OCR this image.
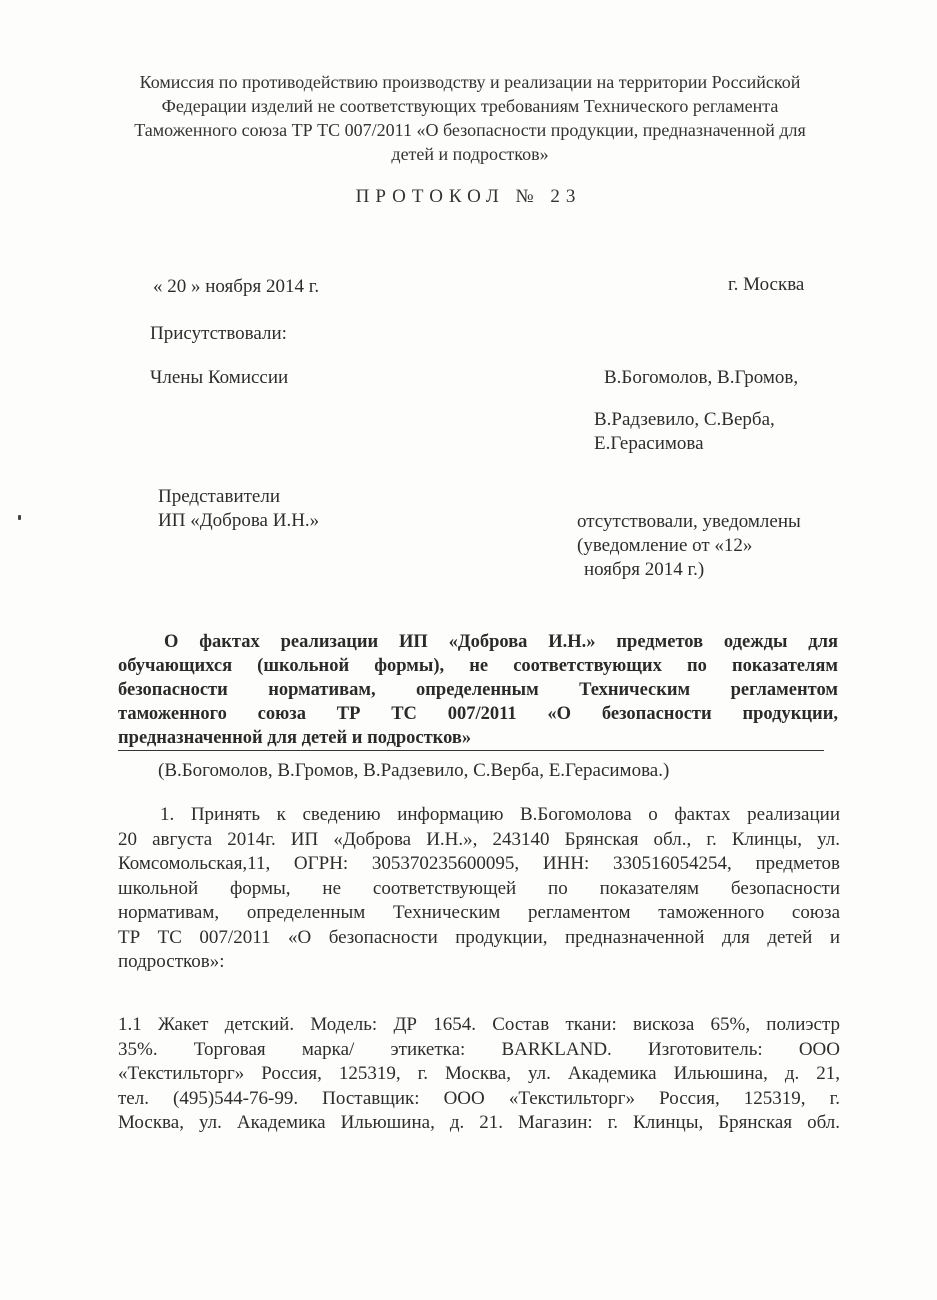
Комиссия по противодействию производству и реализации на территории Российской
Федерации изделий не соответствующих требованиям Технического регламента
Таможенного союза ТР ТС 007/2011 «О безопасности продукции, предназначенной для
детей и подростков»
ПРОТОКОЛ № 23
« 20 » ноября 2014 г.	г. Москва
Присутствовали:
Члены Комиссии	В.Богомолов, В.Громов,
В.Радзевило, С.Верба,
Е.Герасимова
Представители
ИП «Доброва И.Н.»	отсутствовали, уведомлены
(уведомление от «12»
ноября 2014 г.)
О фактах реализации ИП «Доброва И.Н.» предметов одежды для
обучающихся (школьной формы), не соответствующих по показателям
безопасности нормативам, определенным Техническим регламентом
таможенного союза ТР ТС 007/2011 «О безопасности продукции,
предназначенной для детей и подростков»
(В.Богомолов, В.Громов, В.Радзевило, С.Верба, Е.Герасимова.)
1. Принять к сведению информацию В.Богомолова о фактах реализации
20 августа 2014г. ИП «Доброва И.Н.», 243140 Брянская обл., г. Клинцы, ул.
Комсомольская,11, ОГРН: 305370235600095, ИНН: 330516054254, предметов
школьной формы, не соответствующей по показателям безопасности
нормативам, определенным Техническим регламентом таможенного союза
ТР ТС 007/2011 «О безопасности продукции, предназначенной для детей и
подростков»:
1.1 Жакет детский. Модель: ДР 1654. Состав ткани: вискоза 65%, полиэстр
35%. Торговая марка/ этикетка: BARKLAND. Изготовитель: ООО
«Текстильторг» Россия, 125319, г. Москва, ул. Академика Ильюшина, д. 21,
тел. (495)544-76-99. Поставщик: ООО «Текстильторг» Россия, 125319, г.
Москва, ул. Академика Ильюшина, д. 21. Магазин: г. Клинцы, Брянская обл.
